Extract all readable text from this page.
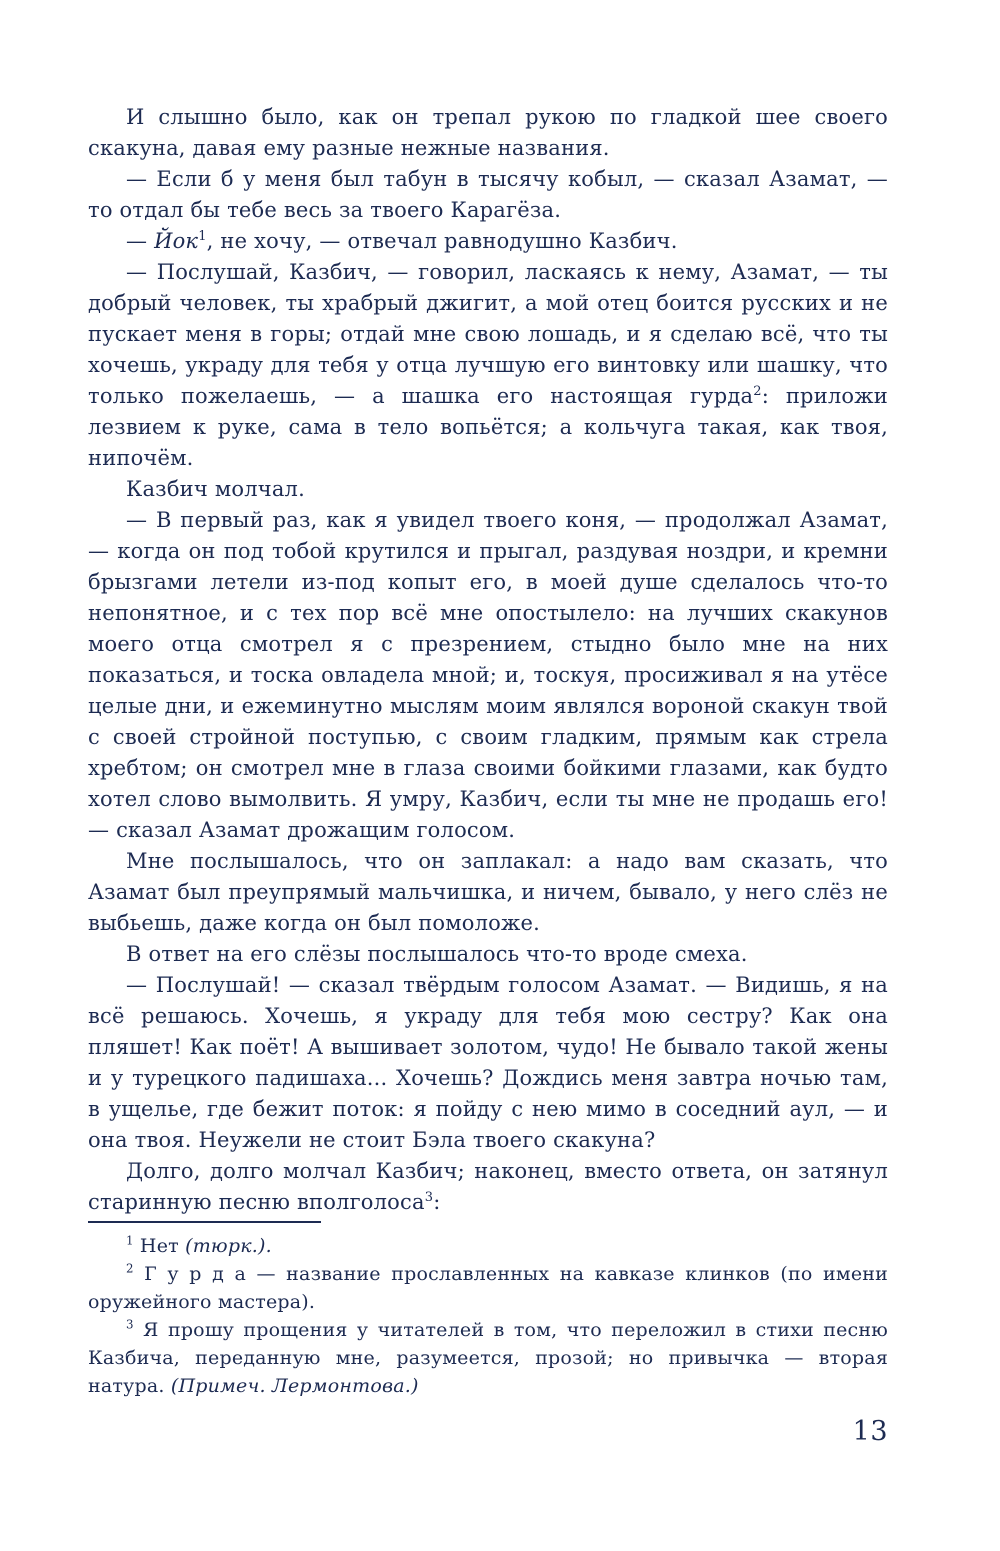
И слышно было, как он трепал рукою по гладкой шее своего скакуна, давая ему разные нежные названия.

— Если б у меня был табун в тысячу кобыл, — сказал Азамат, — то отдал бы тебе весь за твоего Карагёза.

— Йок$^1$, не хочу, — отвечал равнодушно Казбич.

— Послушай, Казбич, — говорил, ласкаясь к нему, Азамат, — ты добрый человек, ты храбрый джигит, а мой отец боится русских и не пускает меня в горы; отдай мне свою лошадь, и я сделаю всё, что ты хочешь, украду для тебя у отца лучшую его винтовку или шашку, что только пожелаешь, — а шашка его настоящая гурда$^2$: приложи лезвием к руке, сама в тело вопьётся; а кольчуга такая, как твоя, нипочём.

Казбич молчал.

— В первый раз, как я увидел твоего коня, — продолжал Азамат, — когда он под тобой крутился и прыгал, раздувая ноздри, и кремни брызгами летели из-под копыт его, в моей душе сделалось что-то непонятное, и с тех пор всё мне опостылело: на лучших скакунов моего отца смотрел я с презрением, стыдно было мне на них показаться, и тоска овладела мной; и, тоскуя, просиживал я на утёсе целые дни, и ежеминутно мыслям моим являлся вороной скакун твой с своей стройной поступью, с своим гладким, прямым как стрела хребтом; он смотрел мне в глаза своими бойкими глазами, как будто хотел слово вымолвить. Я умру, Казбич, если ты мне не продашь его! — сказал Азамат дрожащим голосом.

Мне послышалось, что он заплакал: а надо вам сказать, что Азамат был преупрямый мальчишка, и ничем, бывало, у него слёз не выбьешь, даже когда он был помоложе.

В ответ на его слёзы послышалось что-то вроде смеха.

— Послушай! — сказал твёрдым голосом Азамат. — Видишь, я на всё решаюсь. Хочешь, я украду для тебя мою сестру? Как она пляшет! Как поёт! А вышивает золотом, чудо! Не бывало такой жены и у турецкого падишаха... Хочешь? Дождись меня завтра ночью там, в ущелье, где бежит поток: я пойду с нею мимо в соседний аул, — и она твоя. Неужели не стоит Бэла твоего скакуна?

Долго, долго молчал Казбич; наконец, вместо ответа, он затянул старинную песню вполголоса$^3$:

$^1$ Нет (тюрк.).

$^2$ Г у р д а — название прославленных на кавказе клинков (по имени оружейного мастера).

$^3$ Я прошу прощения у читателей в том, что переложил в стихи песню Казбича, переданную мне, разумеется, прозой; но привычка — вторая натура. (Примеч. Лермонтова.)

13
